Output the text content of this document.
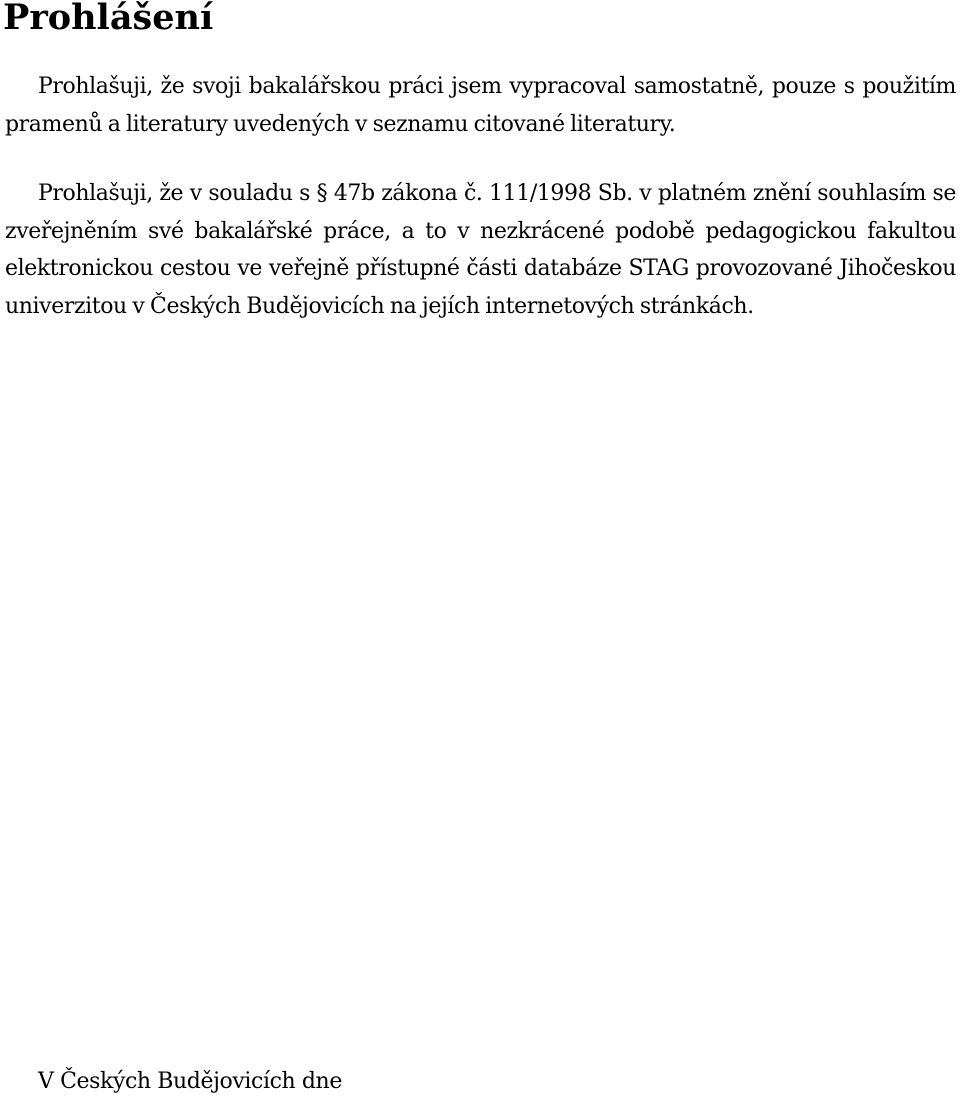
Prohlášení

Prohlašuji, že svoji bakalářskou práci jsem vypracoval samostatně, pouze s použitím pramenů a literatury uvedených v seznamu citované literatury.

Prohlašuji, že v souladu s § 47b zákona č. 111/1998 Sb. v platném znění souhlasím se zveřejněním své bakalářské práce, a to v nezkrácené podobě pedagogickou fakultou elektronickou cestou ve veřejně přístupné části databáze STAG provozované Jihočeskou univerzitou v Českých Budějovicích na jejích internetových stránkách.

V Českých Budějovicích dne
